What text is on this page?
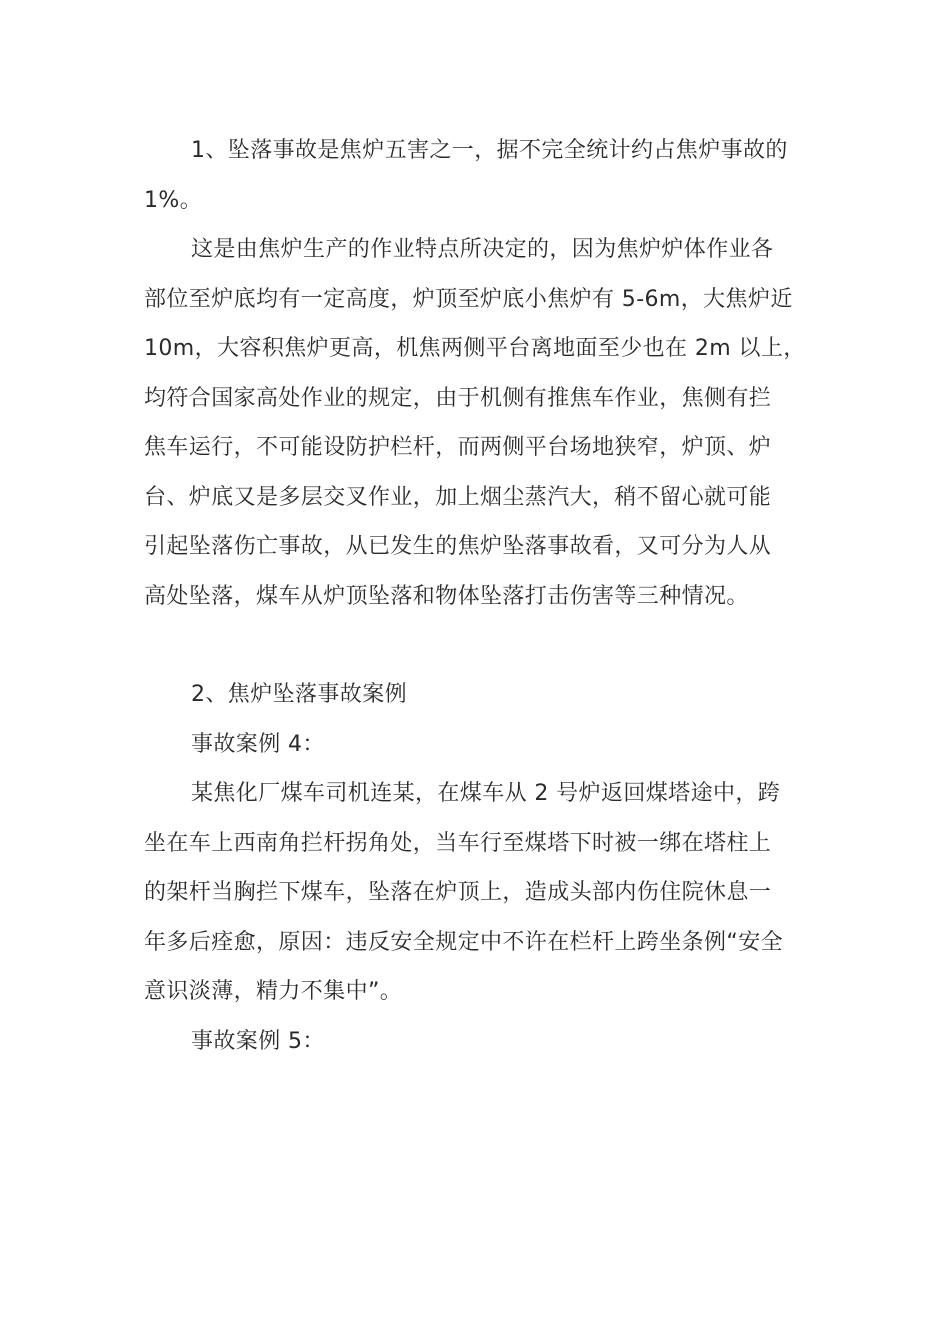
1、坠落事故是焦炉五害之一，据不完全统计约占焦炉事故的
1%。

这是由焦炉生产的作业特点所决定的，因为焦炉炉体作业各
部位至炉底均有一定高度，炉顶至炉底小焦炉有 5-6m，大焦炉近
10m，大容积焦炉更高，机焦两侧平台离地面至少也在 2m 以上，
均符合国家高处作业的规定，由于机侧有推焦车作业，焦侧有拦
焦车运行，不可能设防护栏杆，而两侧平台场地狭窄，炉顶、炉
台、炉底又是多层交叉作业，加上烟尘蒸汽大，稍不留心就可能
引起坠落伤亡事故，从已发生的焦炉坠落事故看，又可分为人从
高处坠落，煤车从炉顶坠落和物体坠落打击伤害等三种情况。

2、焦炉坠落事故案例

事故案例 4：

某焦化厂煤车司机连某，在煤车从 2 号炉返回煤塔途中，跨
坐在车上西南角拦杆拐角处，当车行至煤塔下时被一绑在塔柱上
的架杆当胸拦下煤车，坠落在炉顶上，造成头部内伤住院休息一
年多后痊愈，原因：违反安全规定中不许在栏杆上跨坐条例“安全
意识淡薄，精力不集中”。

事故案例 5：
